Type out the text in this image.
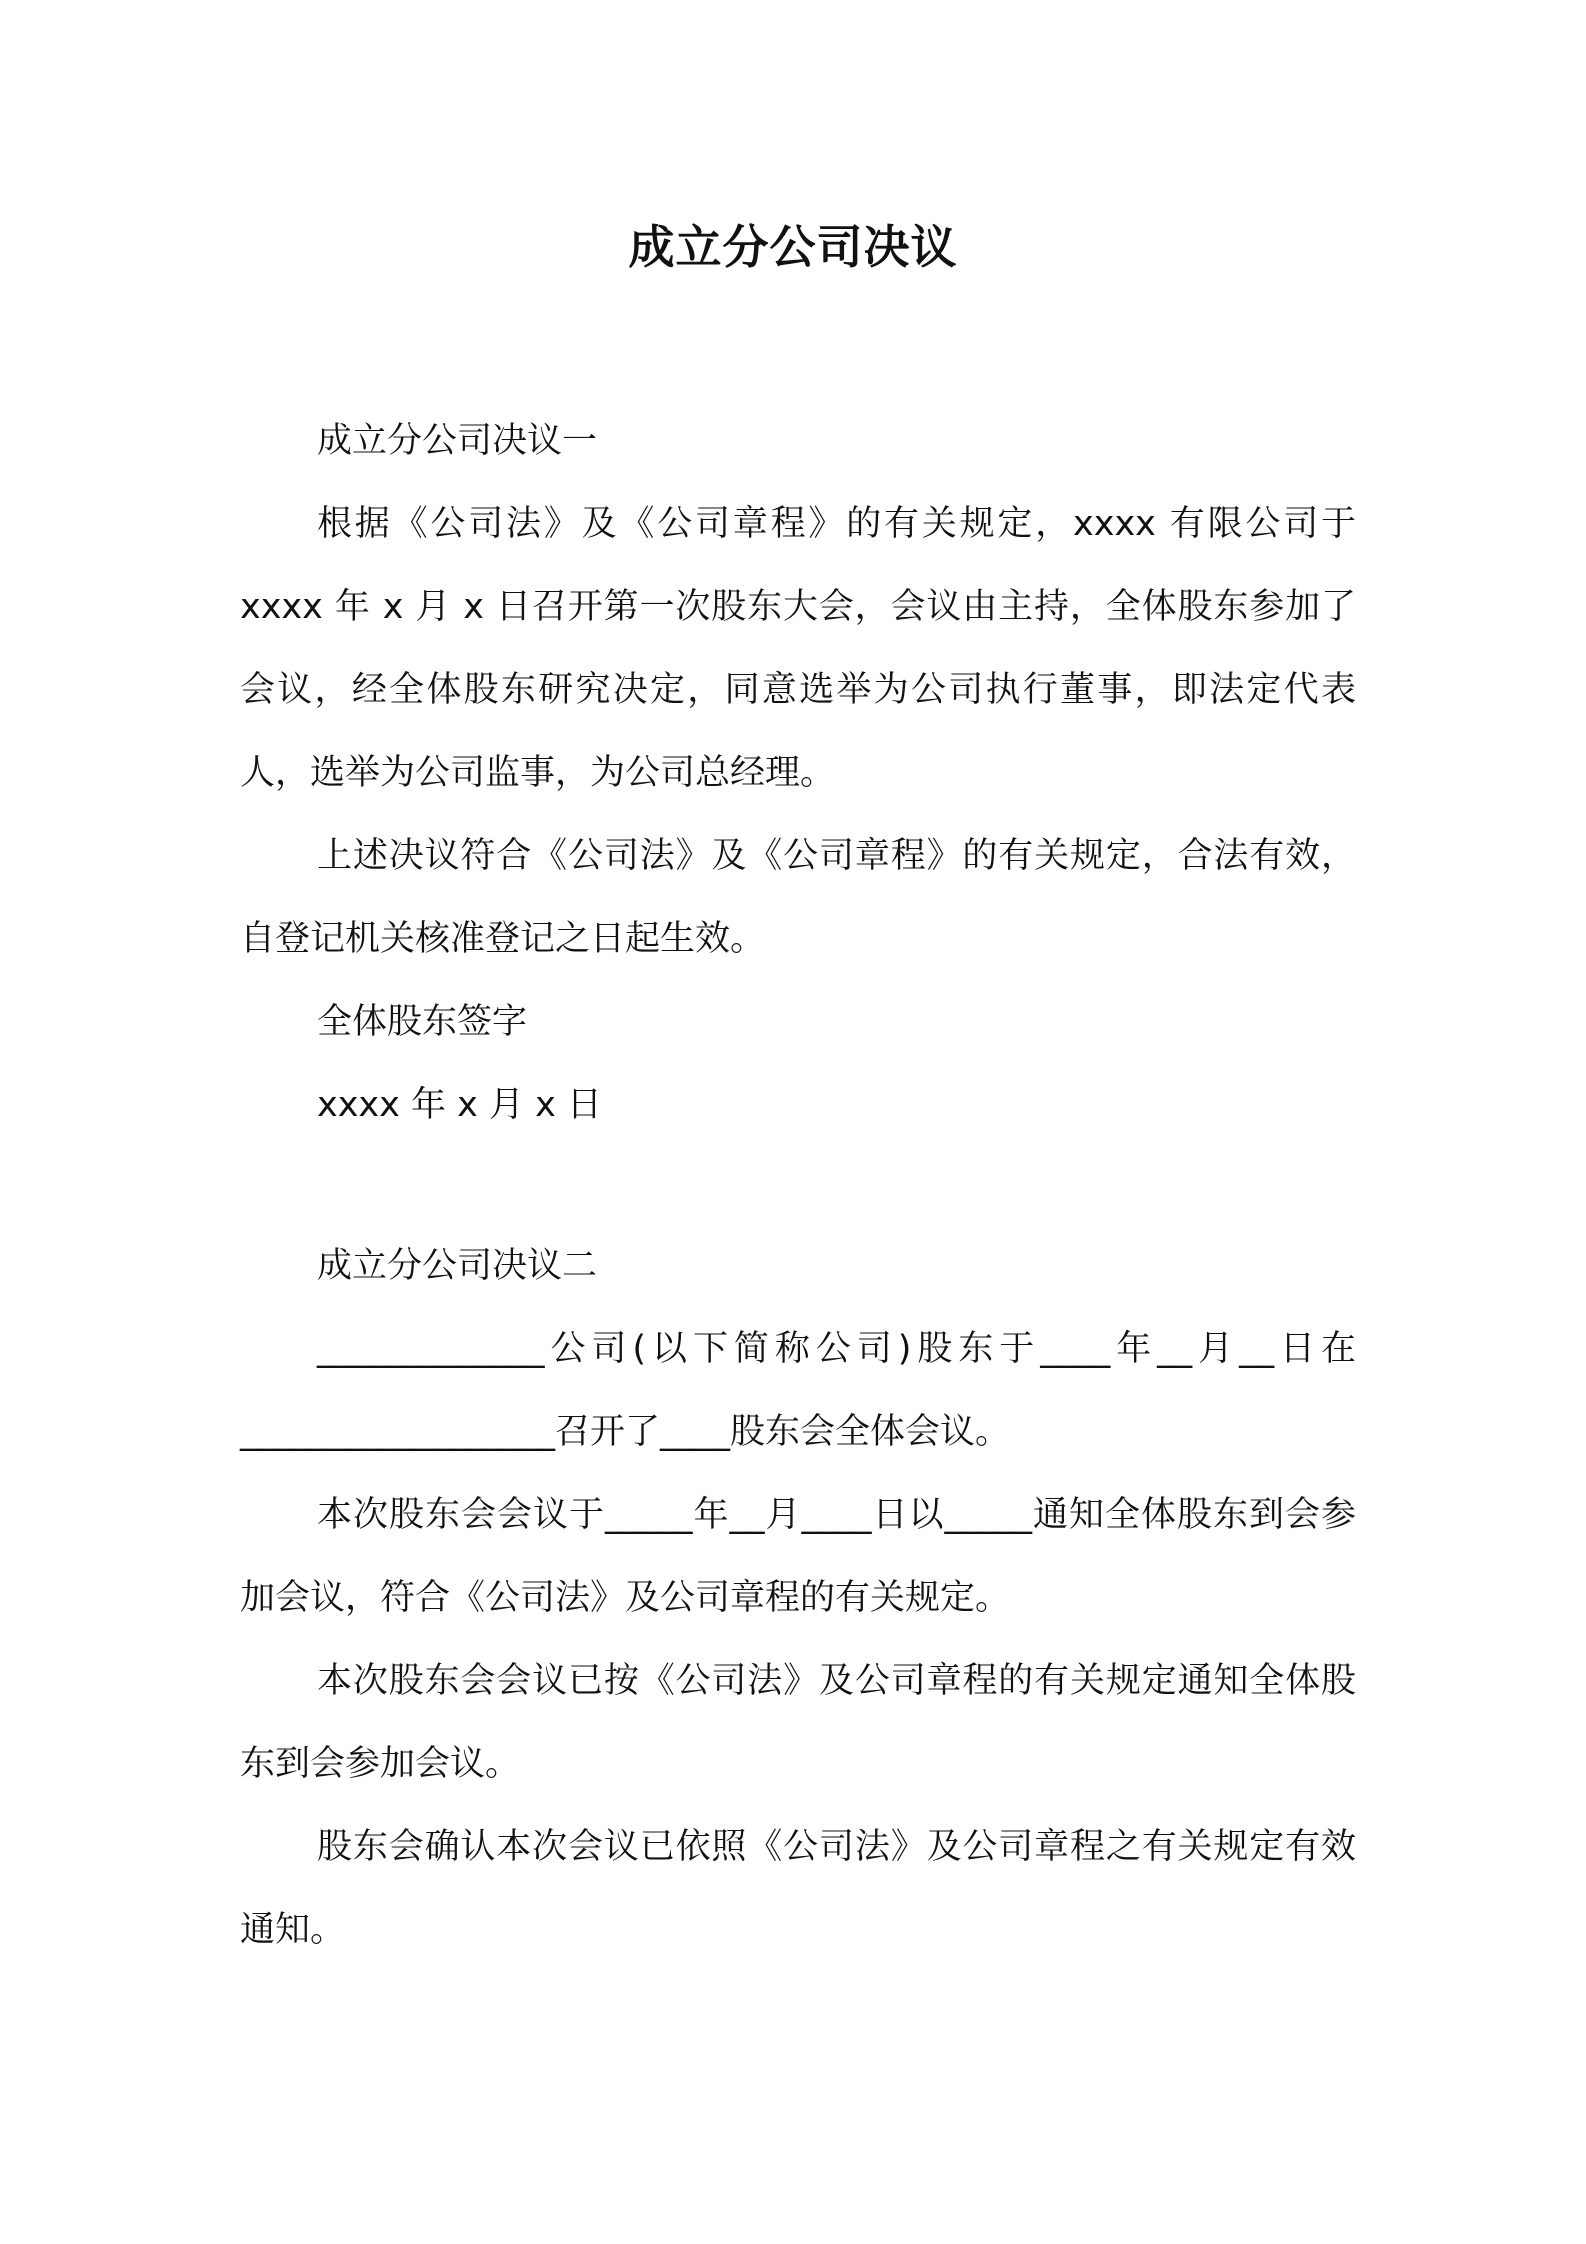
成立分公司决议

成立分公司决议一

根据《公司法》及《公司章程》的有关规定，xxxx 有限公司于 xxxx 年 x 月 x 日召开第一次股东大会，会议由主持，全体股东参加了会议，经全体股东研究决定，同意选举为公司执行董事，即法定代表人，选举为公司监事，为公司总经理。

上述决议符合《公司法》及《公司章程》的有关规定，合法有效，自登记机关核准登记之日起生效。

全体股东签字

xxxx 年 x 月 x 日

成立分公司决议二

_____________公司(以下简称公司)股东于____年__月__日在__________________召开了____股东会全体会议。

本次股东会会议于_____年__月____日以_____通知全体股东到会参加会议，符合《公司法》及公司章程的有关规定。

本次股东会会议已按《公司法》及公司章程的有关规定通知全体股东到会参加会议。

股东会确认本次会议已依照《公司法》及公司章程之有关规定有效通知。
